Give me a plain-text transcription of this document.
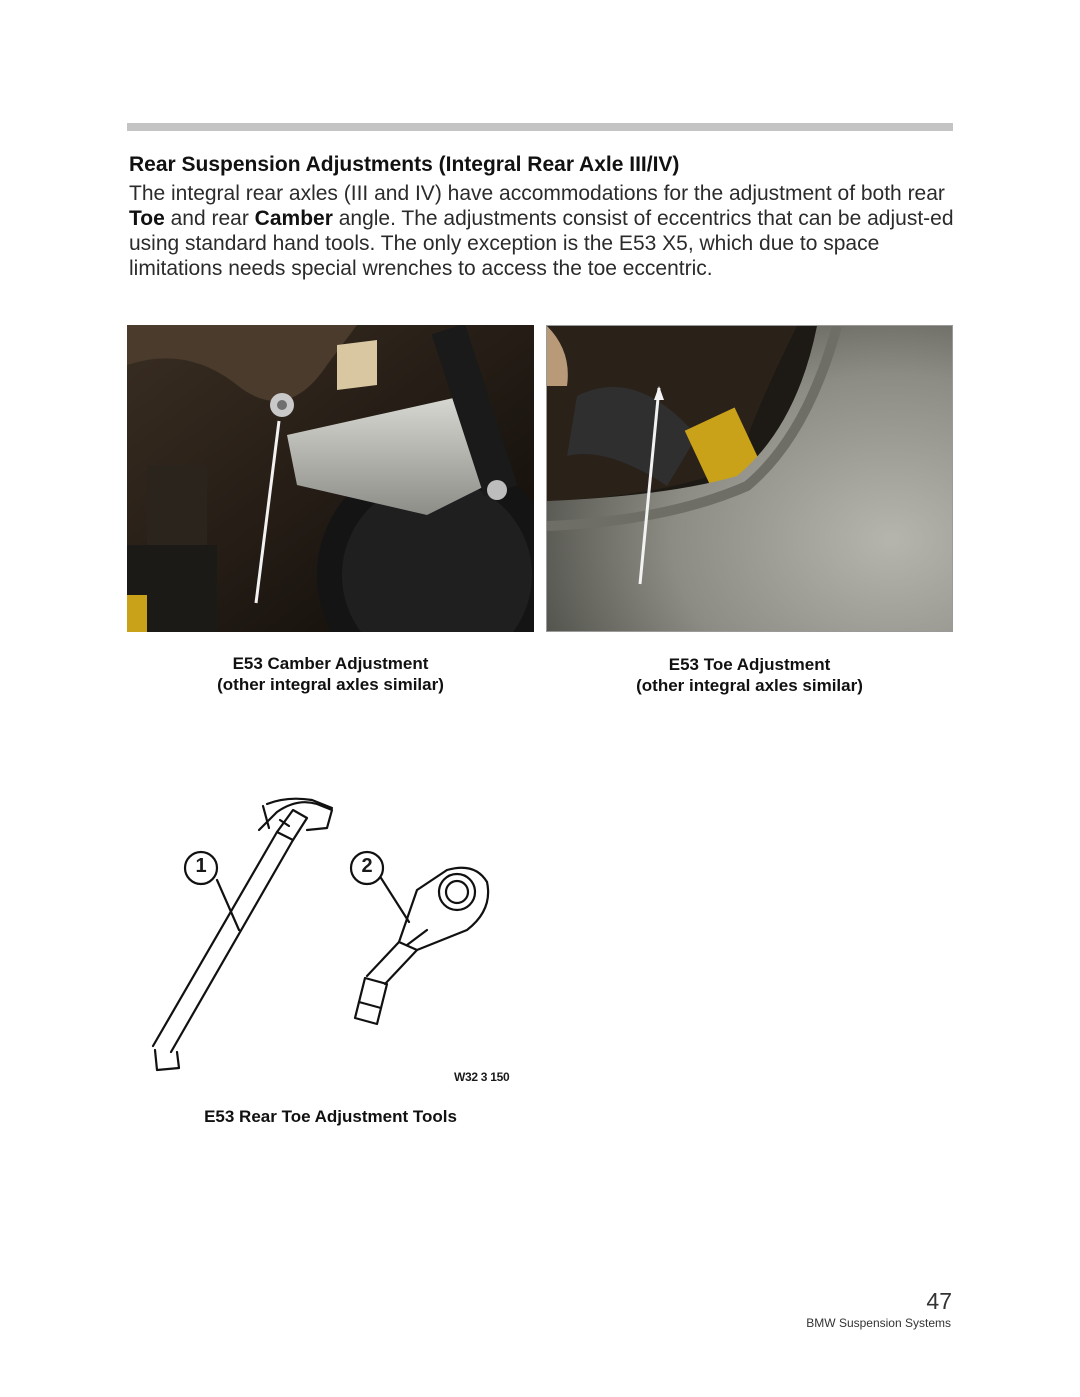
Rear Suspension Adjustments (Integral Rear Axle III/IV)
The integral rear axles (III and IV) have accommodations for the adjustment of both rear Toe and rear Camber angle. The adjustments consist of eccentrics that can be adjust-ed using standard hand tools. The only exception is the E53 X5, which due to space limitations needs special wrenches to access the toe eccentric.
E53 Camber Adjustment
(other integral axles similar)
E53 Toe Adjustment
(other integral axles similar)
1	2
W32 3 150
E53 Rear Toe Adjustment Tools
47
BMW Suspension Systems
